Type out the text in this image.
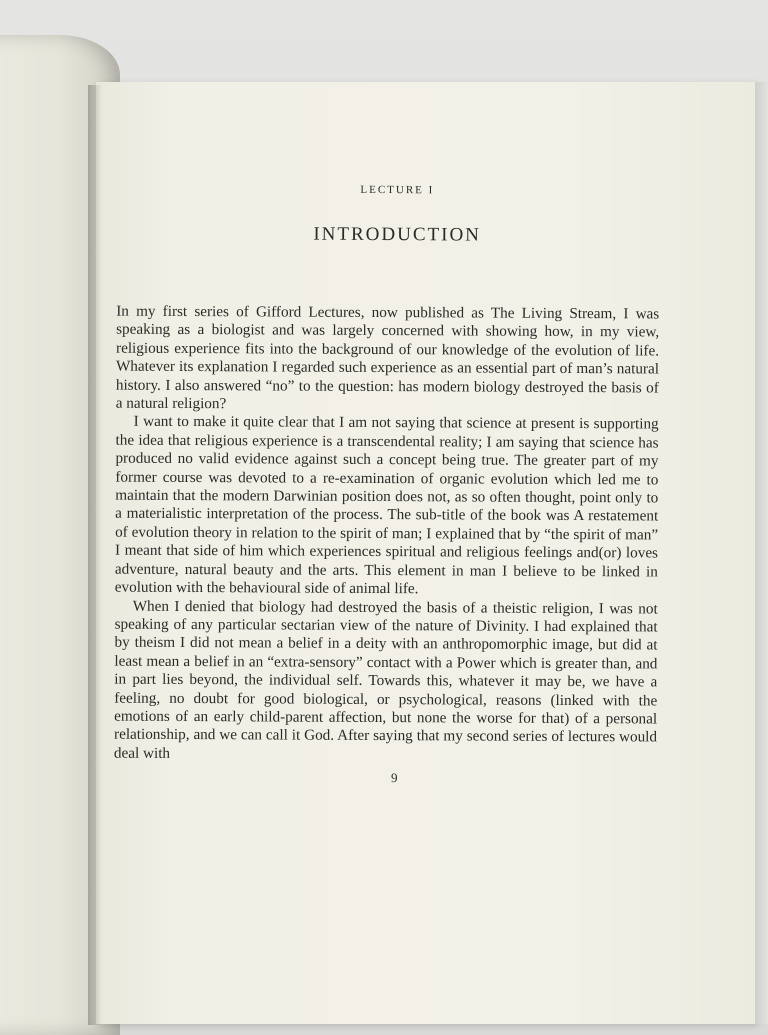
LECTURE I
INTRODUCTION

In my first series of Gifford Lectures, now published as The Living Stream, I was speaking as a biologist and was largely concerned with showing how, in my view, religious experience fits into the background of our knowledge of the evolution of life. Whatever its explanation I regarded such experience as an essential part of man’s natural history. I also answered “no” to the question: has modern biology destroyed the basis of a natural religion?

I want to make it quite clear that I am not saying that science at present is supporting the idea that religious experience is a transcendental reality; I am saying that science has produced no valid evidence against such a concept being true. The greater part of my former course was devoted to a re-examination of organic evolution which led me to maintain that the modern Darwinian position does not, as so often thought, point only to a materialistic interpretation of the process. The sub-title of the book was A restatement of evolution theory in relation to the spirit of man; I explained that by “the spirit of man” I meant that side of him which experiences spiritual and religious feelings and(or) loves adventure, natural beauty and the arts. This element in man I believe to be linked in evolution with the behavioural side of animal life.

When I denied that biology had destroyed the basis of a theistic religion, I was not speaking of any particular sectarian view of the nature of Divinity. I had explained that by theism I did not mean a belief in a deity with an anthropomorphic image, but did at least mean a belief in an “extra-sensory” contact with a Power which is greater than, and in part lies beyond, the individual self. Towards this, whatever it may be, we have a feeling, no doubt for good biological, or psychological, reasons (linked with the emotions of an early child-parent affection, but none the worse for that) of a personal relationship, and we can call it God. After saying that my second series of lectures would deal with

9
